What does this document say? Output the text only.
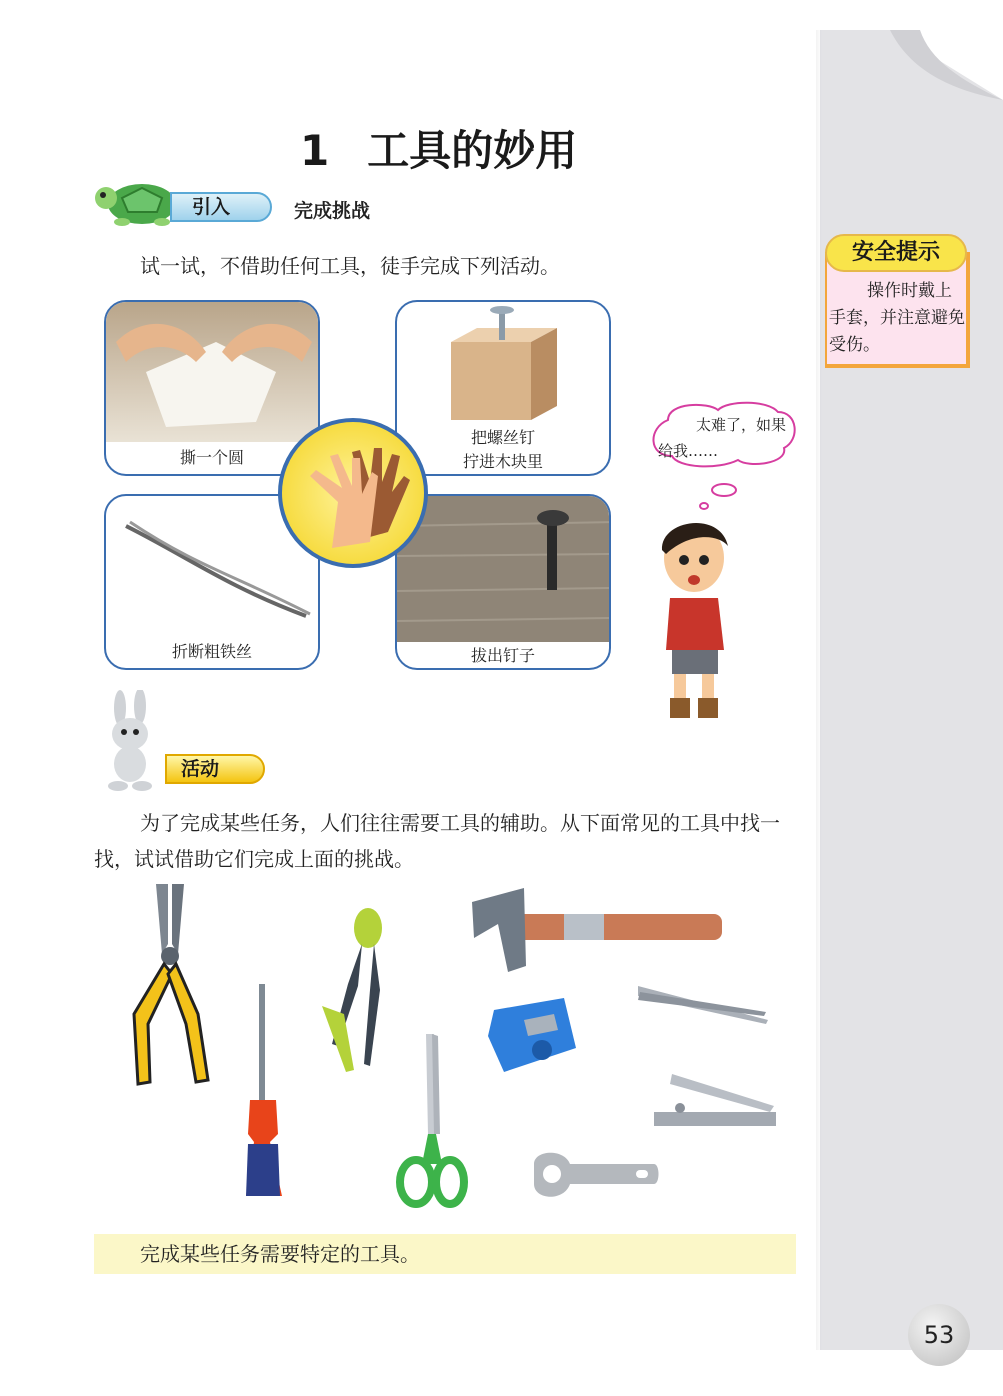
1 工具的妙用
引入	完成挑战
试一试，不借助任何工具，徒手完成下列活动。
撕一个圆
把螺丝钉
拧进木块里
折断粗铁丝	拔出钉子
太难了，如果给我……
安全提示
操作时戴上手套，并注意避免受伤。
活动
为了完成某些任务，人们往往需要工具的辅助。从下面常见的工具中找一找，试试借助它们完成上面的挑战。
完成某些任务需要特定的工具。
53
